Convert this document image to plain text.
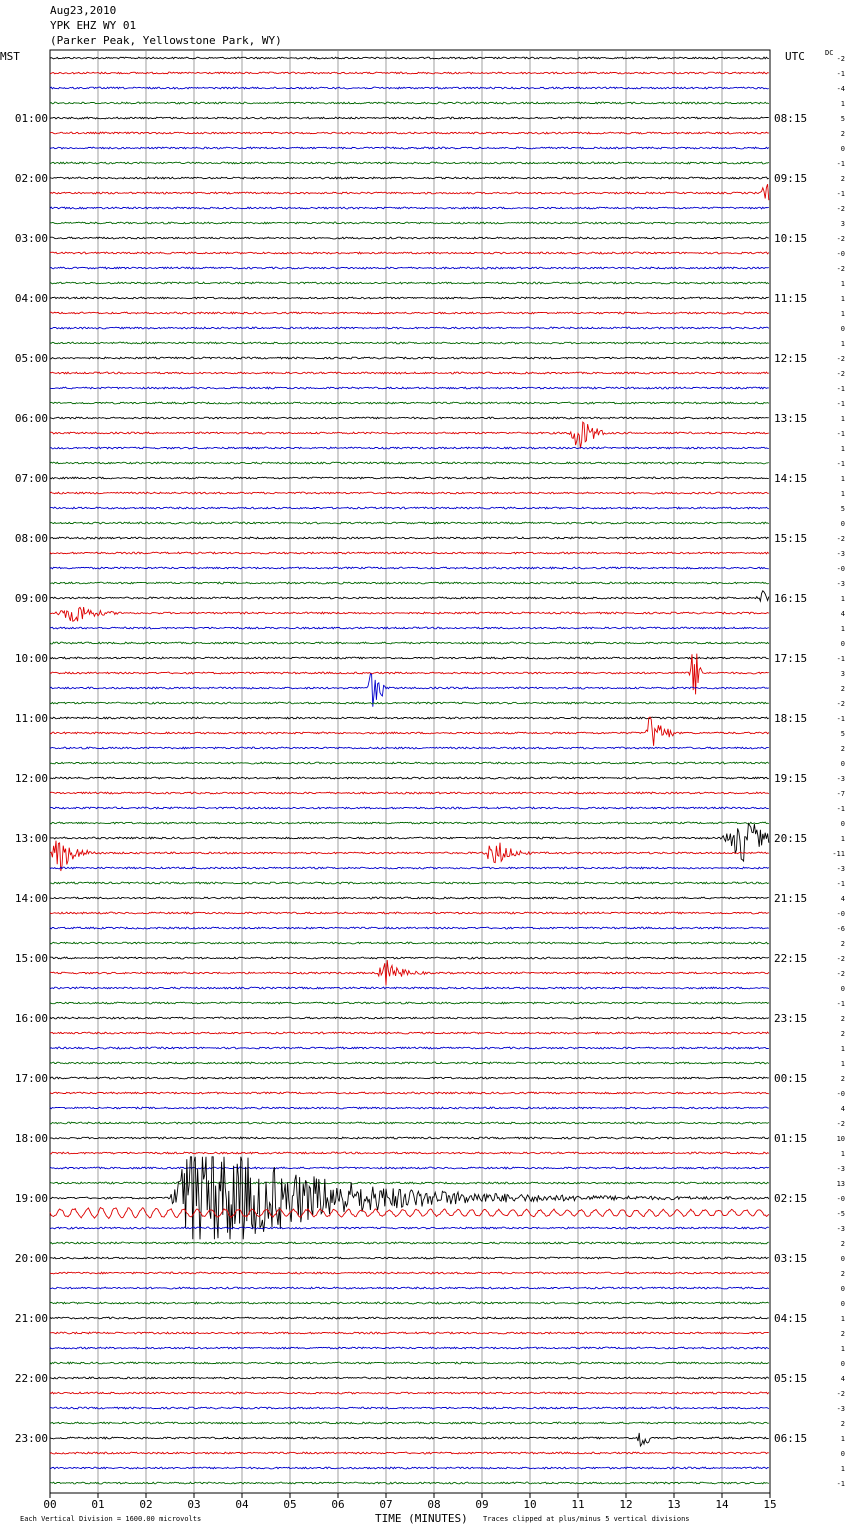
01:00
02:00
03:00
04:00
05:00
06:00
07:00
08:00
09:00
10:00
11:00
12:00
13:00
14:00
15:00
16:00
17:00
18:00
19:00
20:00
21:00
22:00
23:00
08:15
09:15
10:15
11:15
12:15
13:15
14:15
15:15
16:15
17:15
18:15
19:15
20:15
21:15
22:15
23:15
00:15
01:15
02:15
03:15
04:15
05:15
06:15
-2
-1
-4
1
5
2
0
-1
2
-1
-2
3
-2
-0
-2
1
1
1
0
1
-2
-2
-1
-1
1
-1
1
-1
1
1
5
0
-2
-3
-0
-3
1
4
1
0
-1
3
2
-2
-1
5
2
0
-3
-7
-1
0
1
-11
-3
-1
4
-0
-6
2
-2
-2
0
-1
2
2
1
1
2
-0
4
-2
10
1
-3
13
-0
-5
-3
2
0
2
0
0
1
2
1
0
4
-2
-3
2
1
0
1
-1
00	01	02	03	04	05	06	07	08	09	10	11	12	13	14	15
Aug23,2010
YPK EHZ WY 01
(Parker Peak, Yellowstone Park, WY)
MST	UTC	DC
Each Vertical Division = 1600.00 microvolts	TIME (MINUTES) Traces clipped at plus/minus 5 vertical divisions
